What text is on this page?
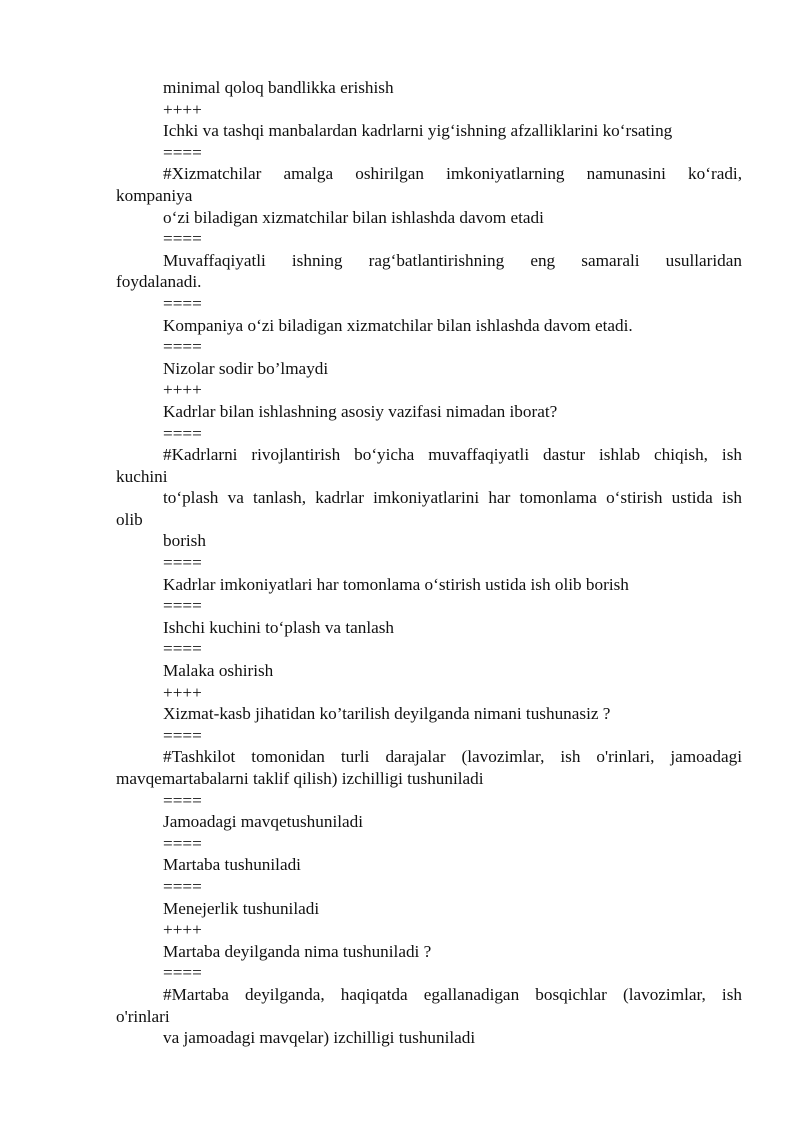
minimal qoloq bandlikka erishish

++++

Ichki va tashqi manbalardan kadrlarni yig‘ishning afzalliklarini ko‘rsating

====

#Xizmatchilar amalga oshirilgan imkoniyatlarning namunasini ko‘radi,

kompaniya

o‘zi biladigan xizmatchilar bilan ishlashda davom etadi

====

Muvaffaqiyatli ishning rag‘batlantirishning eng samarali usullaridan

foydalanadi.

====

Kompaniya o‘zi biladigan xizmatchilar bilan ishlashda davom etadi.

====

Nizolar sodir bo’lmaydi

++++

Kadrlar bilan ishlashning asosiy vazifasi nimadan iborat?

====

#Kadrlarni rivojlantirish bo‘yicha muvaffaqiyatli dastur ishlab chiqish, ish

kuchini

to‘plash va tanlash, kadrlar imkoniyatlarini har tomonlama o‘stirish ustida ish

olib

borish

====

Kadrlar imkoniyatlari har tomonlama o‘stirish ustida ish olib borish

====

Ishchi kuchini to‘plash va tanlash

====

Malaka oshirish

++++

Xizmat-kasb jihatidan ko’tarilish deyilganda nimani tushunasiz ?

====

#Tashkilot tomonidan turli darajalar (lavozimlar, ish o'rinlari, jamoadagi

mavqemartabalarni taklif qilish) izchilligi tushuniladi

====

Jamoadagi mavqetushuniladi

====

Martaba tushuniladi

====

Menejerlik tushuniladi

++++

Martaba deyilganda nima tushuniladi ?

====

#Martaba deyilganda, haqiqatda egallanadigan bosqichlar (lavozimlar, ish

o'rinlari

va jamoadagi mavqelar) izchilligi tushuniladi
